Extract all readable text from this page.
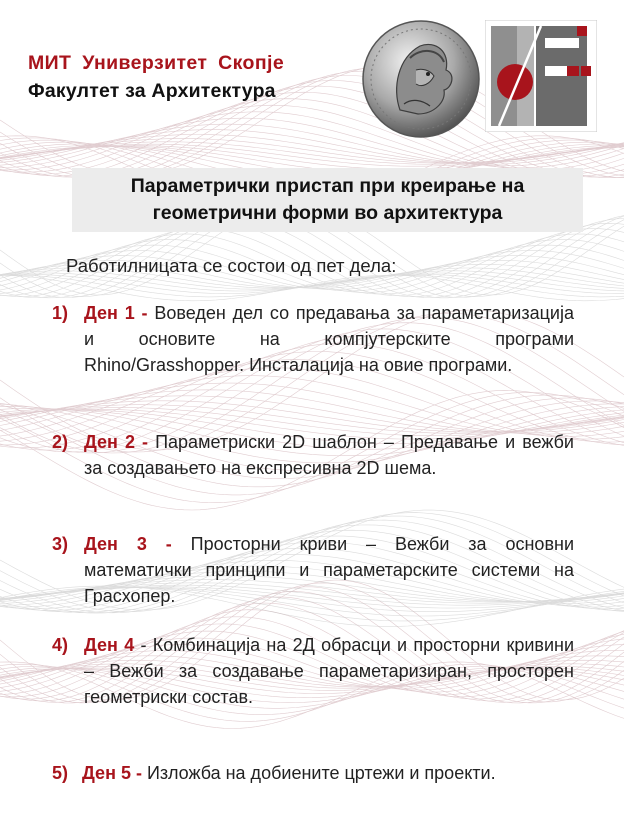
МИТ Универзитет Скопје
Факултет за Архитектура
Параметрички пристап при креирање на
геометрични форми во архитектура
Работилницата се состои од пет дела:
1) Ден 1 - Воведен дел со предавања за параметаризација и основите на компјутерските програми Rhino/Grasshopper. Инсталација на овие програми.
2) Ден 2 - Параметриски 2D шаблон – Предавање и вежби за создавањето на експресивна 2D шема.
3) Ден 3 - Просторни криви – Вежби за основни математички принципи и параметарските системи на Грасхопер.
4) Ден 4 - Комбинација на 2Д обрасци и просторни кривини – Вежби за создавање параметаризиран, просторен геометриски состав.
5) Ден 5 - Изложба на добиените цртежи и проекти.
